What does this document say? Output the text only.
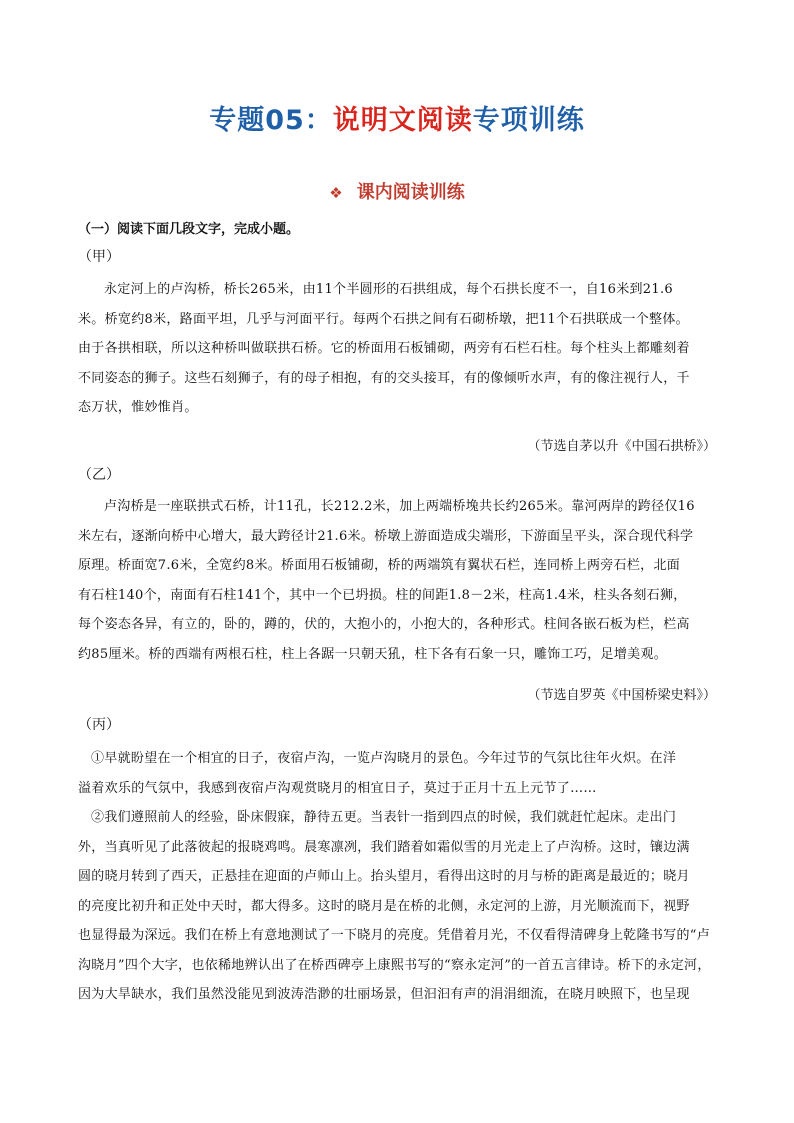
专题05：说明文阅读专项训练
❖ 课内阅读训练
（一）阅读下面几段文字，完成小题。
（甲）
永定河上的卢沟桥，桥长265米，由11个半圆形的石拱组成，每个石拱长度不一，自16米到21.6
米。桥宽约8米，路面平坦，几乎与河面平行。每两个石拱之间有石砌桥墩，把11个石拱联成一个整体。
由于各拱相联，所以这种桥叫做联拱石桥。它的桥面用石板铺砌，两旁有石栏石柱。每个柱头上都雕刻着
不同姿态的狮子。这些石刻狮子，有的母子相抱，有的交头接耳，有的像倾听水声，有的像注视行人，千
态万状，惟妙惟肖。
（节选自茅以升《中国石拱桥》）
（乙）
卢沟桥是一座联拱式石桥，计11孔，长212.2米，加上两端桥堍共长约265米。靠河两岸的跨径仅16
米左右，逐渐向桥中心增大，最大跨径计21.6米。桥墩上游面造成尖端形，下游面呈平头，深合现代科学
原理。桥面宽7.6米，全宽约8米。桥面用石板铺砌，桥的两端筑有翼状石栏，连同桥上两旁石栏，北面
有石柱140个，南面有石柱141个，其中一个已坍损。柱的间距1.8－2米，柱高1.4米，柱头各刻石狮，
每个姿态各异，有立的，卧的，蹲的，伏的，大抱小的，小抱大的，各种形式。柱间各嵌石板为栏，栏高
约85厘米。桥的西端有两根石柱，柱上各踞一只朝天犼，柱下各有石象一只，雕饰工巧，足增美观。
（节选自罗英《中国桥梁史料》）
（丙）
①早就盼望在一个相宜的日子，夜宿卢沟，一览卢沟晓月的景色。今年过节的气氛比往年火炽。在洋
溢着欢乐的气氛中，我感到夜宿卢沟观赏晓月的相宜日子，莫过于正月十五上元节了……
②我们遵照前人的经验，卧床假寐，静待五更。当表针一指到四点的时候，我们就赶忙起床。走出门
外，当真听见了此落彼起的报晓鸡鸣。晨寒凛冽，我们踏着如霜似雪的月光走上了卢沟桥。这时，镶边满
圆的晓月转到了西天，正悬挂在迎面的卢师山上。抬头望月，看得出这时的月与桥的距离是最近的；晓月
的亮度比初升和正处中天时，都大得多。这时的晓月是在桥的北侧，永定河的上游，月光顺流而下，视野
也显得最为深远。我们在桥上有意地测试了一下晓月的亮度。凭借着月光，不仅看得清碑身上乾隆书写的“卢
沟晓月”四个大字，也依稀地辨认出了在桥西碑亭上康熙书写的“察永定河”的一首五言律诗。桥下的永定河，
因为大旱缺水，我们虽然没能见到波涛浩渺的壮丽场景，但汩汩有声的涓涓细流，在晓月映照下，也呈现
